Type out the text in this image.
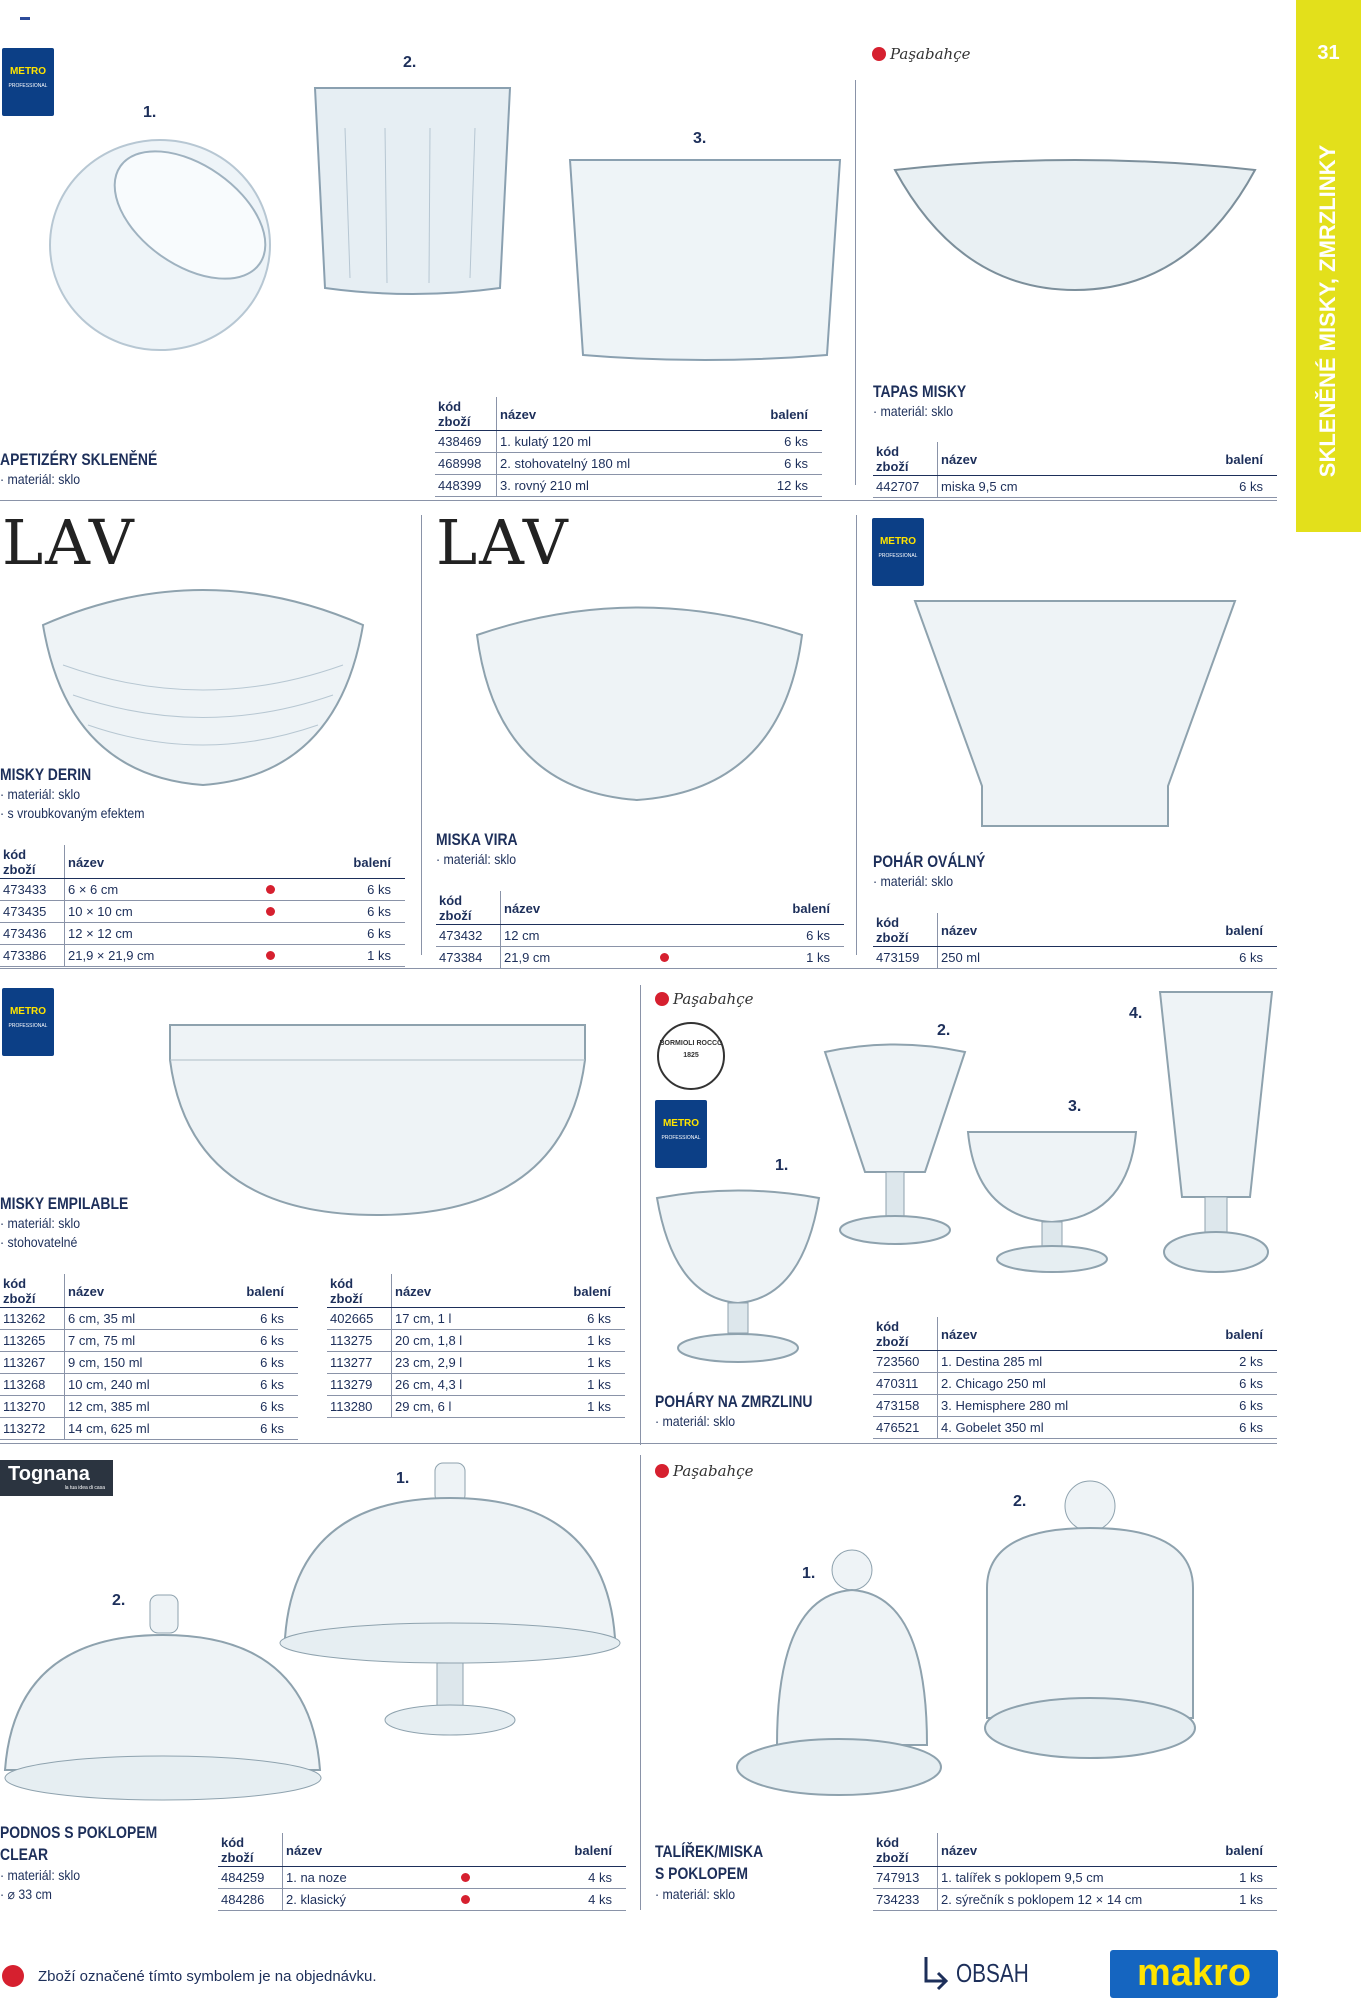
31
SKLENĚNÉ MISKY, ZMRZLINKY
▬
METRO
PROFESSIONAL
1.
2.
3.
APETIZÉRY SKLENĚNÉ
· materiál: sklo
kód zboží	název	balení
438469	1. kulatý 120 ml	6 ks
468998	2. stohovatelný 180 ml	6 ks
448399	3. rovný 210 ml	12 ks
Paşabahçe
TAPAS MISKY
· materiál: sklo
kód zboží	název	balení
442707	miska 9,5 cm	6 ks
LAV	LAV	METRO
PROFESSIONAL
MISKY DERIN
· materiál: sklo
· s vroubkovaným efektem
kód zboží	název		balení
473433	6 × 6 cm		6 ks
473435	10 × 10 cm		6 ks
473436	12 × 12 cm		6 ks
473386	21,9 × 21,9 cm		1 ks
MISKA VIRA
· materiál: sklo
kód zboží	název		balení
473432	12 cm		6 ks
473384	21,9 cm		1 ks
POHÁR OVÁLNÝ
· materiál: sklo
kód zboží	název	balení
473159	250 ml	6 ks
METRO
PROFESSIONAL
MISKY EMPILABLE
· materiál: sklo
· stohovatelné
kód zboží	název	balení
113262	6 cm, 35 ml	6 ks
113265	7 cm, 75 ml	6 ks
113267	9 cm, 150 ml	6 ks
113268	10 cm, 240 ml	6 ks
113270	12 cm, 385 ml	6 ks
113272	14 cm, 625 ml	6 ks
kód zboží	název	balení
402665	17 cm, 1 l	6 ks
113275	20 cm, 1,8 l	1 ks
113277	23 cm, 2,9 l	1 ks
113279	26 cm, 4,3 l	1 ks
113280	29 cm, 6 l	1 ks
Paşabahçe
BORMIOLI ROCCO
1825
METRO
PROFESSIONAL
1.
2.
3.
4.
POHÁRY NA ZMRZLINU
· materiál: sklo
kód zboží	název	balení
723560	1. Destina 285 ml	2 ks
470311	2. Chicago 250 ml	6 ks
473158	3. Hemisphere 280 ml	6 ks
476521	4. Gobelet 350 ml	6 ks
Tognana
la tua idea di casa
1.
2.
PODNOS S POKLOPEM
CLEAR
· materiál: sklo
· ⌀ 33 cm
kód zboží	název		balení
484259	1. na noze		4 ks
484286	2. klasický		4 ks
Paşabahçe
1.
2.
TALÍŘEK/MISKA
S POKLOPEM
· materiál: sklo
kód zboží	název	balení
747913	1. talířek s poklopem 9,5 cm	1 ks
734233	2. sýrečník s poklopem 12 × 14 cm	1 ks
Zboží označené tímto symbolem je na objednávku.	OBSAH	makro
